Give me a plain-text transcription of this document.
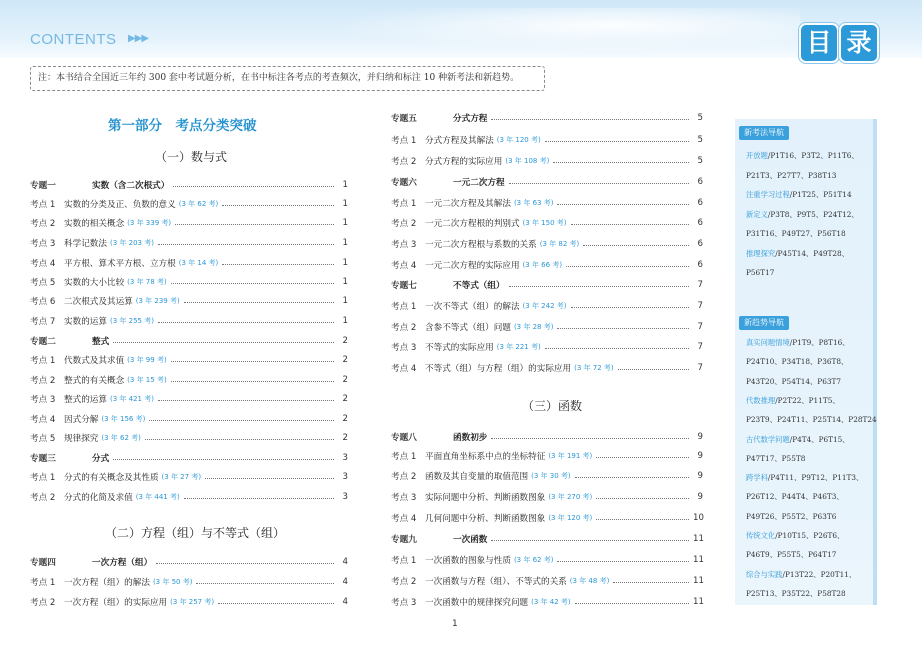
CONTENTS ▶▶▶	目 录
注：本书结合全国近三年约 300 套中考试题分析，在书中标注各考点的考查频次，并归纳和标注 10 种新考法和新趋势。
第一部分　考点分类突破
（一）数与式
（二）方程（组）与不等式（组）
（三）函数
专题一	实数（含二次根式）	1
考点 1	实数的分类及正、负数的意义 (3 年 62 考)	1
考点 2	实数的相关概念 (3 年 339 考)	1
考点 3	科学记数法 (3 年 203 考)	1
考点 4	平方根、算术平方根、立方根 (3 年 14 考)	1
考点 5	实数的大小比较 (3 年 78 考)	1
考点 6	二次根式及其运算 (3 年 239 考)	1
考点 7	实数的运算 (3 年 255 考)	1
专题二	整式	2
考点 1	代数式及其求值 (3 年 99 考)	2
考点 2	整式的有关概念 (3 年 15 考)	2
考点 3	整式的运算 (3 年 421 考)	2
考点 4	因式分解 (3 年 156 考)	2
考点 5	规律探究 (3 年 62 考)	2
专题三	分式	3
考点 1	分式的有关概念及其性质 (3 年 27 考)	3
考点 2	分式的化简及求值 (3 年 441 考)	3
专题四	一次方程（组）	4
考点 1	一次方程（组）的解法 (3 年 50 考)	4
考点 2	一次方程（组）的实际应用 (3 年 257 考)	4
专题五	分式方程	5
考点 1	分式方程及其解法 (3 年 120 考)	5
考点 2	分式方程的实际应用 (3 年 108 考)	5
专题六	一元二次方程	6
考点 1	一元二次方程及其解法 (3 年 63 考)	6
考点 2	一元二次方程根的判别式 (3 年 150 考)	6
考点 3	一元二次方程根与系数的关系 (3 年 82 考)	6
考点 4	一元二次方程的实际应用 (3 年 66 考)	6
专题七	不等式（组）	7
考点 1	一次不等式（组）的解法 (3 年 242 考)	7
考点 2	含参不等式（组）问题 (3 年 28 考)	7
考点 3	不等式的实际应用 (3 年 221 考)	7
考点 4	不等式（组）与方程（组）的实际应用 (3 年 72 考)	7
专题八	函数初步	9
考点 1	平面直角坐标系中点的坐标特征 (3 年 191 考)	9
考点 2	函数及其自变量的取值范围 (3 年 30 考)	9
考点 3	实际问题中分析、判断函数图象 (3 年 270 考)	9
考点 4	几何问题中分析、判断函数图象 (3 年 120 考)	10
专题九	一次函数	11
考点 1	一次函数的图象与性质 (3 年 62 考)	11
考点 2	一次函数与方程（组）、不等式的关系 (3 年 48 考)	11
考点 3	一次函数中的规律探究问题 (3 年 42 考)	11
新考法导航
新趋势导航
开放题/P1T16、P3T2、P11T6、
P21T3、P27T7、P38T13
注重学习过程/P1T25、P51T14
新定义/P3T8、P9T5、P24T12、
P31T16、P49T27、P56T18
推理探究/P45T14、P49T28、
P56T17
真实问题情境/P1T9、P8T16、
P24T10、P34T18、P36T8、
P43T20、P54T14、P63T7
代数推理/P2T22、P11T5、
P23T9、P24T11、P25T14、P28T24
古代数学问题/P4T4、P6T15、
P47T17、P55T8
跨学科/P4T11、P9T12、P11T3、
P26T12、P44T4、P46T3、
P49T26、P55T2、P63T6
传统文化/P10T15、P26T6、
P46T9、P55T5、P64T17
综合与实践/P13T22、P20T11、
P25T13、P35T22、P58T28
1
